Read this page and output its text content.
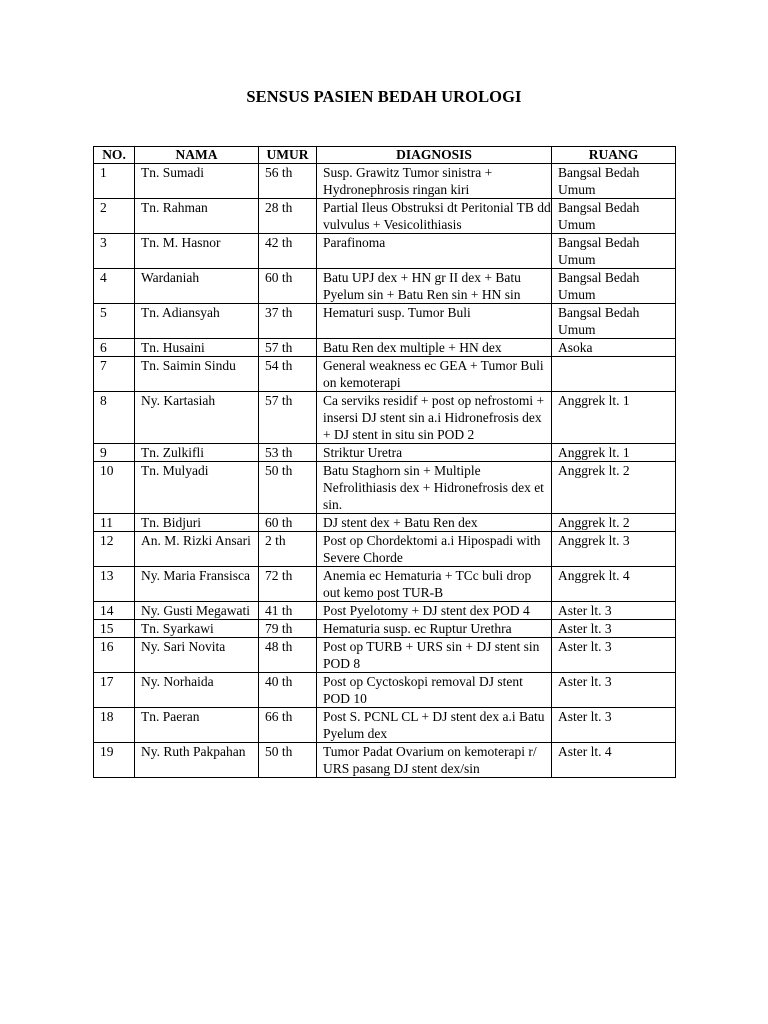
SENSUS PASIEN BEDAH UROLOGI
NO.	NAMA	UMUR	DIAGNOSIS	RUANG
1	Tn. Sumadi	56 th	Susp. Grawitz Tumor sinistra + Hydronephrosis ringan kiri	Bangsal Bedah Umum
2	Tn. Rahman	28 th	Partial Ileus Obstruksi dt Peritonial TB dd vulvulus + Vesicolithiasis	Bangsal Bedah Umum
3	Tn. M. Hasnor	42 th	Parafinoma	Bangsal Bedah Umum
4	Wardaniah	60 th	Batu UPJ dex + HN gr II dex + Batu Pyelum sin + Batu Ren sin + HN sin	Bangsal Bedah Umum
5	Tn. Adiansyah	37 th	Hematuri susp. Tumor Buli	Bangsal Bedah Umum
6	Tn. Husaini	57 th	Batu Ren dex multiple + HN dex	Asoka
7	Tn. Saimin Sindu	54 th	General weakness ec GEA + Tumor Buli on kemoterapi	
8	Ny. Kartasiah	57 th	Ca serviks residif + post op nefrostomi + insersi DJ stent sin a.i Hidronefrosis dex + DJ stent in situ sin POD 2	Anggrek lt. 1
9	Tn. Zulkifli	53 th	Striktur Uretra	Anggrek lt. 1
10	Tn. Mulyadi	50 th	Batu Staghorn sin + Multiple Nefrolithiasis dex + Hidronefrosis dex et sin.	Anggrek lt. 2
11	Tn. Bidjuri	60 th	DJ stent dex + Batu Ren dex	Anggrek lt. 2
12	An. M. Rizki Ansari	2 th	Post op Chordektomi a.i Hipospadi with Severe Chorde	Anggrek lt. 3
13	Ny. Maria Fransisca	72 th	Anemia ec Hematuria + TCc buli drop out kemo post TUR-B	Anggrek lt. 4
14	Ny. Gusti Megawati	41 th	Post Pyelotomy + DJ stent dex POD 4	Aster lt. 3
15	Tn. Syarkawi	79 th	Hematuria susp. ec Ruptur Urethra	Aster lt. 3
16	Ny. Sari Novita	48 th	Post op TURB + URS sin + DJ stent sin POD 8	Aster lt. 3
17	Ny. Norhaida	40 th	Post op Cyctoskopi removal DJ stent POD 10	Aster lt. 3
18	Tn. Paeran	66 th	Post S. PCNL CL + DJ stent dex a.i Batu Pyelum dex	Aster lt. 3
19	Ny. Ruth Pakpahan	50 th	Tumor Padat Ovarium on kemoterapi r/ URS pasang DJ stent dex/sin	Aster lt. 4
